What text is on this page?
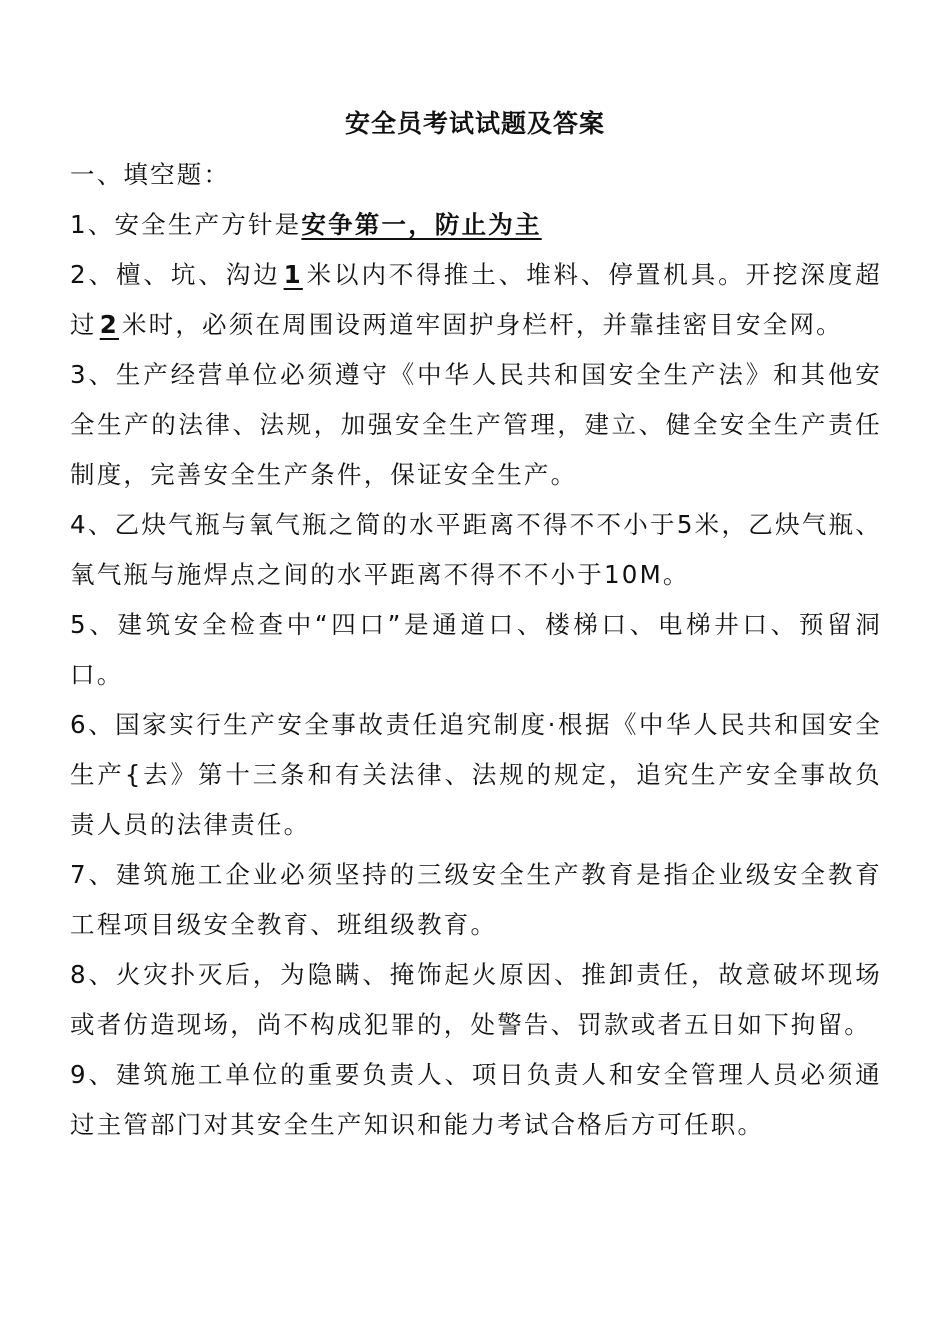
安全员考试试题及答案

一、填空题：

1、安全生产方针是安争第一，防止为主

2、檀、坑、沟边 1 米以内不得推土、堆料、停置机具。开挖深度超过 2 米时，必须在周围设两道牢固护身栏杆，并靠挂密目安全网。

3、生产经营单位必须遵守《中华人民共和国安全生产法》和其他安全生产的法律、法规，加强安全生产管理，建立、健全安全生产责任制度，完善安全生产条件，保证安全生产。

4、乙炔气瓶与氧气瓶之简的水平距离不得不不小于5米，乙炔气瓶、氧气瓶与施焊点之间的水平距离不得不不小于10M。

5、建筑安全检查中“四口”是通道口、楼梯口、电梯井口、预留洞口。

6、国家实行生产安全事故责任追究制度·根据《中华人民共和国安全生产{去》第十三条和有关法律、法规的规定，追究生产安全事故负责人员的法律责任。

7、建筑施工企业必须坚持的三级安全生产教育是指企业级安全教育工程项目级安全教育、班组级教育。

8、火灾扑灭后，为隐瞒、掩饰起火原因、推卸责任，故意破坏现场或者仿造现场，尚不构成犯罪的，处警告、罚款或者五日如下拘留。

9、建筑施工单位的重要负责人、项日负责人和安全管理人员必须通过主管部门对其安全生产知识和能力考试合格后方可任职。
